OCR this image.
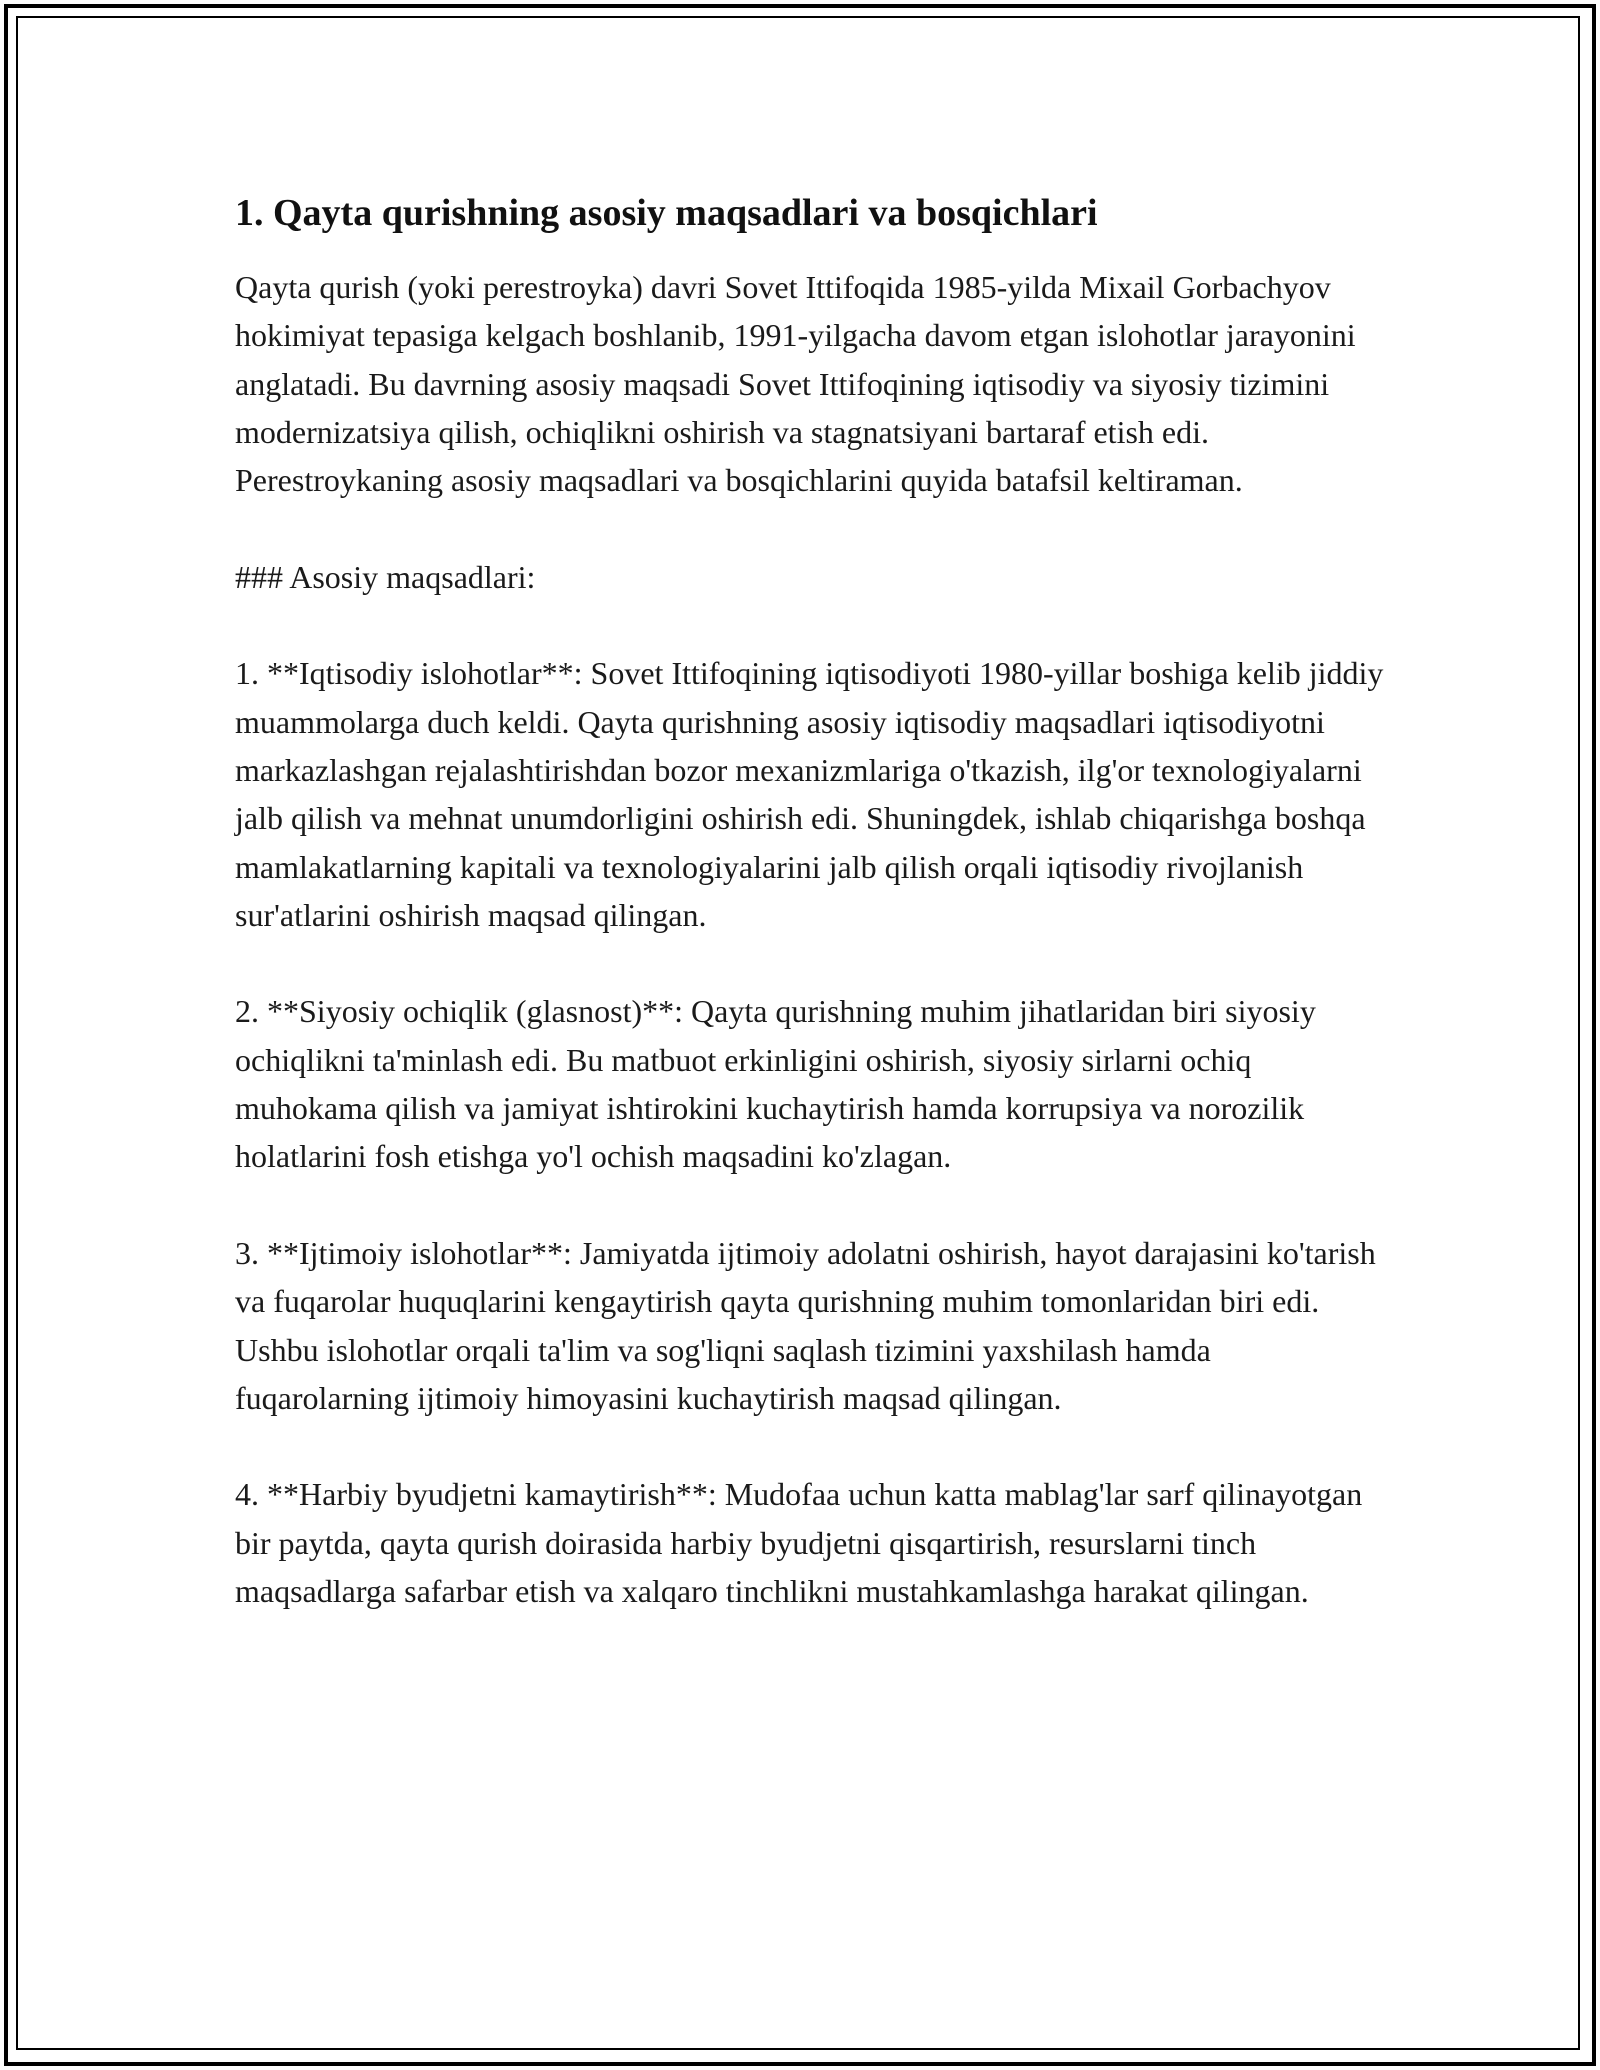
1. Qayta qurishning asosiy maqsadlari va bosqichlari

Qayta qurish (yoki perestroyka) davri Sovet Ittifoqida 1985-yilda Mixail Gorbachyov hokimiyat tepasiga kelgach boshlanib, 1991-yilgacha davom etgan islohotlar jarayonini anglatadi. Bu davrning asosiy maqsadi Sovet Ittifoqining iqtisodiy va siyosiy tizimini modernizatsiya qilish, ochiqlikni oshirish va stagnatsiyani bartaraf etish edi. Perestroykaning asosiy maqsadlari va bosqichlarini quyida batafsil keltiraman.

### Asosiy maqsadlari:

1. **Iqtisodiy islohotlar**: Sovet Ittifoqining iqtisodiyoti 1980-yillar boshiga kelib jiddiy muammolarga duch keldi. Qayta qurishning asosiy iqtisodiy maqsadlari iqtisodiyotni markazlashgan rejalashtirishdan bozor mexanizmlariga o'tkazish, ilg'or texnologiyalarni jalb qilish va mehnat unumdorligini oshirish edi. Shuningdek, ishlab chiqarishga boshqa mamlakatlarning kapitali va texnologiyalarini jalb qilish orqali iqtisodiy rivojlanish sur'atlarini oshirish maqsad qilingan.

2. **Siyosiy ochiqlik (glasnost)**: Qayta qurishning muhim jihatlaridan biri siyosiy ochiqlikni ta'minlash edi. Bu matbuot erkinligini oshirish, siyosiy sirlarni ochiq muhokama qilish va jamiyat ishtirokini kuchaytirish hamda korrupsiya va norozilik holatlarini fosh etishga yo'l ochish maqsadini ko'zlagan.

3. **Ijtimoiy islohotlar**: Jamiyatda ijtimoiy adolatni oshirish, hayot darajasini ko'tarish va fuqarolar huquqlarini kengaytirish qayta qurishning muhim tomonlaridan biri edi. Ushbu islohotlar orqali ta'lim va sog'liqni saqlash tizimini yaxshilash hamda fuqarolarning ijtimoiy himoyasini kuchaytirish maqsad qilingan.

4. **Harbiy byudjetni kamaytirish**: Mudofaa uchun katta mablag'lar sarf qilinayotgan bir paytda, qayta qurish doirasida harbiy byudjetni qisqartirish, resurslarni tinch maqsadlarga safarbar etish va xalqaro tinchlikni mustahkamlashga harakat qilingan.
